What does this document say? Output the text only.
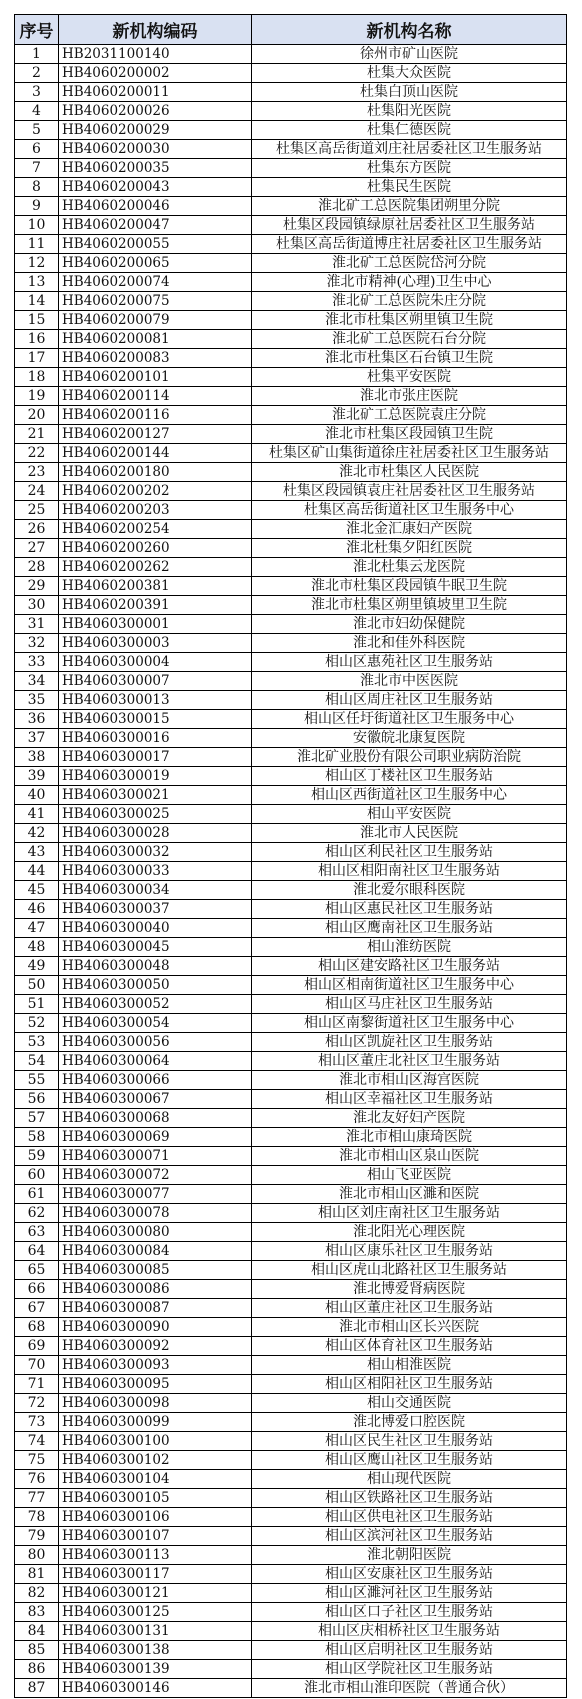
序号	新机构编码	新机构名称
1	HB2031100140	徐州市矿山医院
2	HB4060200002	杜集大众医院
3	HB4060200011	杜集白顶山医院
4	HB4060200026	杜集阳光医院
5	HB4060200029	杜集仁德医院
6	HB4060200030	杜集区高岳街道刘庄社居委社区卫生服务站
7	HB4060200035	杜集东方医院
8	HB4060200043	杜集民生医院
9	HB4060200046	淮北矿工总医院集团朔里分院
10	HB4060200047	杜集区段园镇绿原社居委社区卫生服务站
11	HB4060200055	杜集区高岳街道博庄社居委社区卫生服务站
12	HB4060200065	淮北矿工总医院岱河分院
13	HB4060200074	淮北市精神(心理)卫生中心
14	HB4060200075	淮北矿工总医院朱庄分院
15	HB4060200079	淮北市杜集区朔里镇卫生院
16	HB4060200081	淮北矿工总医院石台分院
17	HB4060200083	淮北市杜集区石台镇卫生院
18	HB4060200101	杜集平安医院
19	HB4060200114	淮北市张庄医院
20	HB4060200116	淮北矿工总医院袁庄分院
21	HB4060200127	淮北市杜集区段园镇卫生院
22	HB4060200144	杜集区矿山集街道徐庄社居委社区卫生服务站
23	HB4060200180	淮北市杜集区人民医院
24	HB4060200202	杜集区段园镇袁庄社居委社区卫生服务站
25	HB4060200203	杜集区高岳街道社区卫生服务中心
26	HB4060200254	淮北金汇康妇产医院
27	HB4060200260	淮北杜集夕阳红医院
28	HB4060200262	淮北杜集云龙医院
29	HB4060200381	淮北市杜集区段园镇牛眠卫生院
30	HB4060200391	淮北市杜集区朔里镇坡里卫生院
31	HB4060300001	淮北市妇幼保健院
32	HB4060300003	淮北和佳外科医院
33	HB4060300004	相山区惠苑社区卫生服务站
34	HB4060300007	淮北市中医医院
35	HB4060300013	相山区周庄社区卫生服务站
36	HB4060300015	相山区任圩街道社区卫生服务中心
37	HB4060300016	安徽皖北康复医院
38	HB4060300017	淮北矿业股份有限公司职业病防治院
39	HB4060300019	相山区丁楼社区卫生服务站
40	HB4060300021	相山区西街道社区卫生服务中心
41	HB4060300025	相山平安医院
42	HB4060300028	淮北市人民医院
43	HB4060300032	相山区利民社区卫生服务站
44	HB4060300033	相山区相阳南社区卫生服务站
45	HB4060300034	淮北爱尔眼科医院
46	HB4060300037	相山区惠民社区卫生服务站
47	HB4060300040	相山区鹰南社区卫生服务站
48	HB4060300045	相山淮纺医院
49	HB4060300048	相山区建安路社区卫生服务站
50	HB4060300050	相山区相南街道社区卫生服务中心
51	HB4060300052	相山区马庄社区卫生服务站
52	HB4060300054	相山区南黎街道社区卫生服务中心
53	HB4060300056	相山区凯旋社区卫生服务站
54	HB4060300064	相山区董庄北社区卫生服务站
55	HB4060300066	淮北市相山区海宫医院
56	HB4060300067	相山区幸福社区卫生服务站
57	HB4060300068	淮北友好妇产医院
58	HB4060300069	淮北市相山康琦医院
59	HB4060300071	淮北市相山区泉山医院
60	HB4060300072	相山飞亚医院
61	HB4060300077	淮北市相山区濉和医院
62	HB4060300078	相山区刘庄南社区卫生服务站
63	HB4060300080	淮北阳光心理医院
64	HB4060300084	相山区康乐社区卫生服务站
65	HB4060300085	相山区虎山北路社区卫生服务站
66	HB4060300086	淮北博爱肾病医院
67	HB4060300087	相山区董庄社区卫生服务站
68	HB4060300090	淮北市相山区长兴医院
69	HB4060300092	相山区体育社区卫生服务站
70	HB4060300093	相山相淮医院
71	HB4060300095	相山区相阳社区卫生服务站
72	HB4060300098	相山交通医院
73	HB4060300099	淮北博爱口腔医院
74	HB4060300100	相山区民生社区卫生服务站
75	HB4060300102	相山区鹰山社区卫生服务站
76	HB4060300104	相山现代医院
77	HB4060300105	相山区铁路社区卫生服务站
78	HB4060300106	相山区供电社区卫生服务站
79	HB4060300107	相山区滨河社区卫生服务站
80	HB4060300113	淮北朝阳医院
81	HB4060300117	相山区安康社区卫生服务站
82	HB4060300121	相山区濉河社区卫生服务站
83	HB4060300125	相山区口子社区卫生服务站
84	HB4060300131	相山区庆相桥社区卫生服务站
85	HB4060300138	相山区启明社区卫生服务站
86	HB4060300139	相山区学院社区卫生服务站
87	HB4060300146	淮北市相山淮印医院（普通合伙）
